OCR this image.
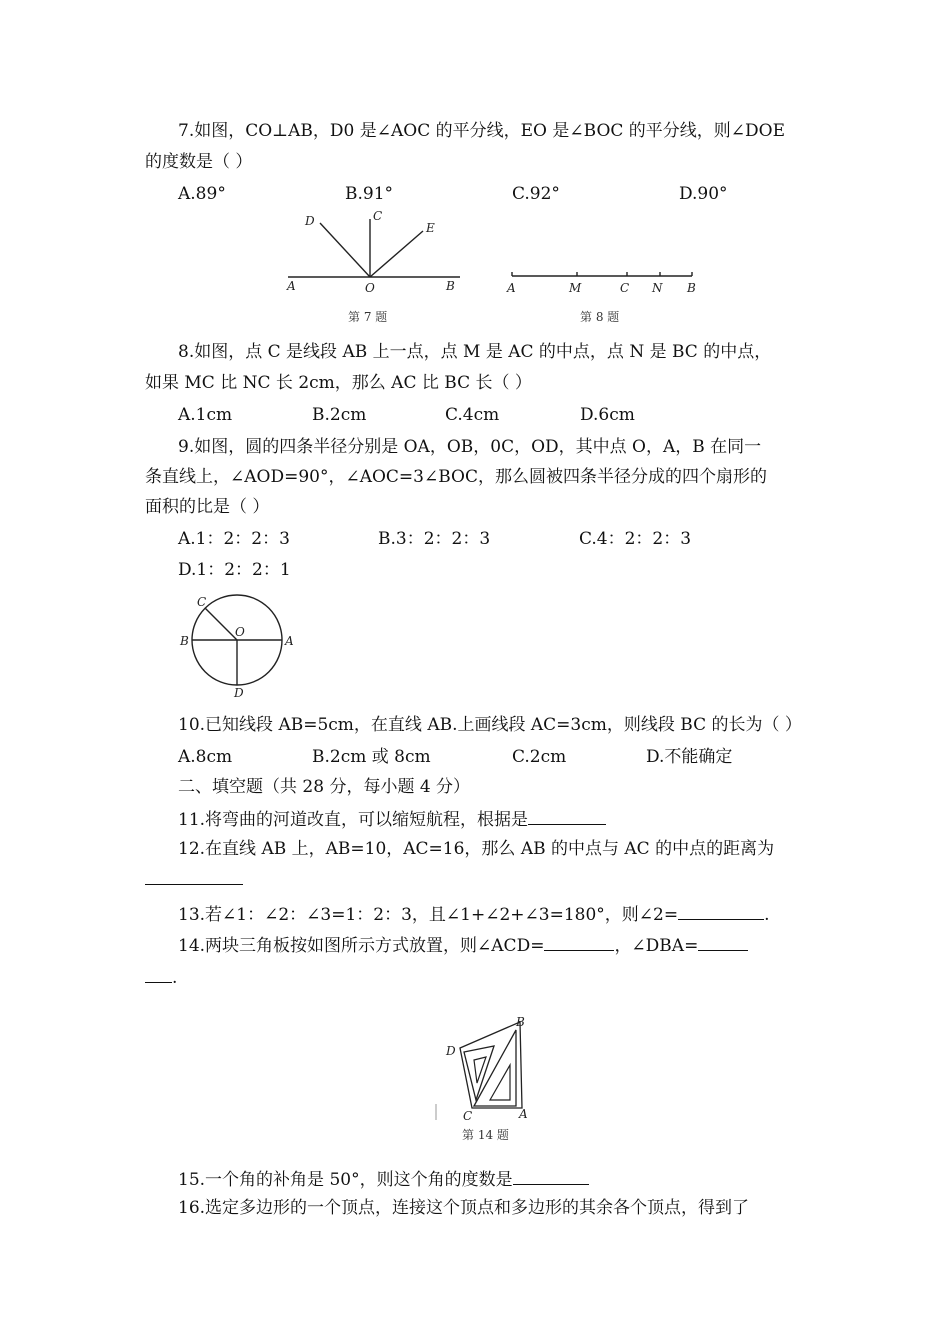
7.如图，CO⊥AB，D0 是∠AOC 的平分线，EO 是∠BOC 的平分线，则∠DOE
的度数是（ ）
A.89°	B.91°	C.92°	D.90°
D	C
E
A	O	B
第 7 题
A	M	C N B
第 8 题
8.如图，点 C 是线段 AB 上一点，点 M 是 AC 的中点，点 N 是 BC 的中点，
如果 MC 比 NC 长 2cm，那么 AC 比 BC 长（ ）
A.1cm	B.2cm	C.4cm	D.6cm
9.如图，圆的四条半径分别是 OA，OB，0C，OD，其中点 O，A，B 在同一
条直线上，∠AOD=90°，∠AOC=3∠BOC，那么圆被四条半径分成的四个扇形的
面积的比是（ ）
A.1：2：2：3	B.3：2：2：3	C.4：2：2：3
D.1：2：2：1
C
O
B	A
D
10.已知线段 AB=5cm，在直线 AB.上画线段 AC=3cm，则线段 BC 的长为（ ）
A.8cm	B.2cm 或 8cm	C.2cm	D.不能确定
二、填空题（共 28 分，每小题 4 分）
11.将弯曲的河道改直，可以缩短航程，根据是
12.在直线 AB 上，AB=10，AC=16，那么 AB 的中点与 AC 的中点的距离为
13.若∠1：∠2：∠3=1：2：3，且∠1+∠2+∠3=180°，则∠2=	.
14.两块三角板按如图所示方式放置，则∠ACD=	，∠DBA=
.
B
D
C	A
第 14 题
15.一个角的补角是 50°，则这个角的度数是
16.选定多边形的一个顶点，连接这个顶点和多边形的其余各个顶点，得到了
